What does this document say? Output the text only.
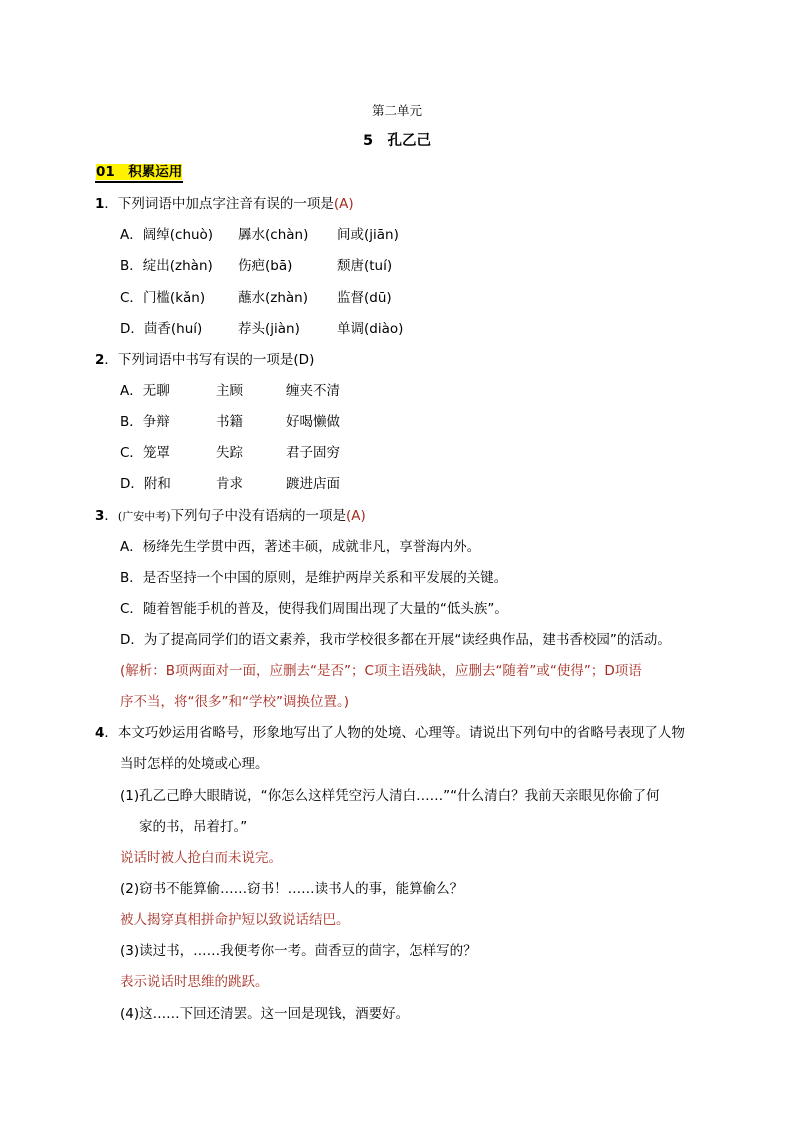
第二单元
5　孔乙己
01　 积累运用
1．下列词语中加点字注音有误的一项是(A)
A．阔绰(chuò) 羼水(chàn) 间或(jiān)
B．绽出(zhàn) 伤疤(bā)	颓唐(tuí)
C．门槛(kǎn) 蘸水(zhàn) 监督(dū)
D．茴香(huí)	荐头(jiàn)	单调(diào)
2．下列词语中书写有误的一项是(D)
A．无聊	主顾	缠夹不清
B．争辩	书籍	好喝懒做
C．笼罩	失踪	君子固穷
D．附和	肯求	踱进店面
3．(广安中考)下列句子中没有语病的一项是(A)
A．杨绛先生学贯中西，著述丰硕，成就非凡，享誉海内外。
B．是否坚持一个中国的原则，是维护两岸关系和平发展的关键。
C．随着智能手机的普及，使得我们周围出现了大量的“低头族”。
D．为了提高同学们的语文素养，我市学校很多都在开展“读经典作品，建书香校园”的活动。
(解析：B项两面对一面，应删去“是否”；C项主语残缺，应删去“随着”或“使得”；D项语
序不当，将“很多”和“学校”调换位置。)
4．本文巧妙运用省略号，形象地写出了人物的处境、心理等。请说出下列句中的省略号表现了人物
当时怎样的处境或心理。
(1)孔乙己睁大眼睛说，“你怎么这样凭空污人清白……”“什么清白？我前天亲眼见你偷了何
家的书，吊着打。”
说话时被人抢白而未说完。
(2)窃书不能算偷……窃书！……读书人的事，能算偷么？
被人揭穿真相拼命护短以致说话结巴。
(3)读过书，……我便考你一考。茴香豆的茴字，怎样写的？
表示说话时思维的跳跃。
(4)这……下回还清罢。这一回是现钱，酒要好。
